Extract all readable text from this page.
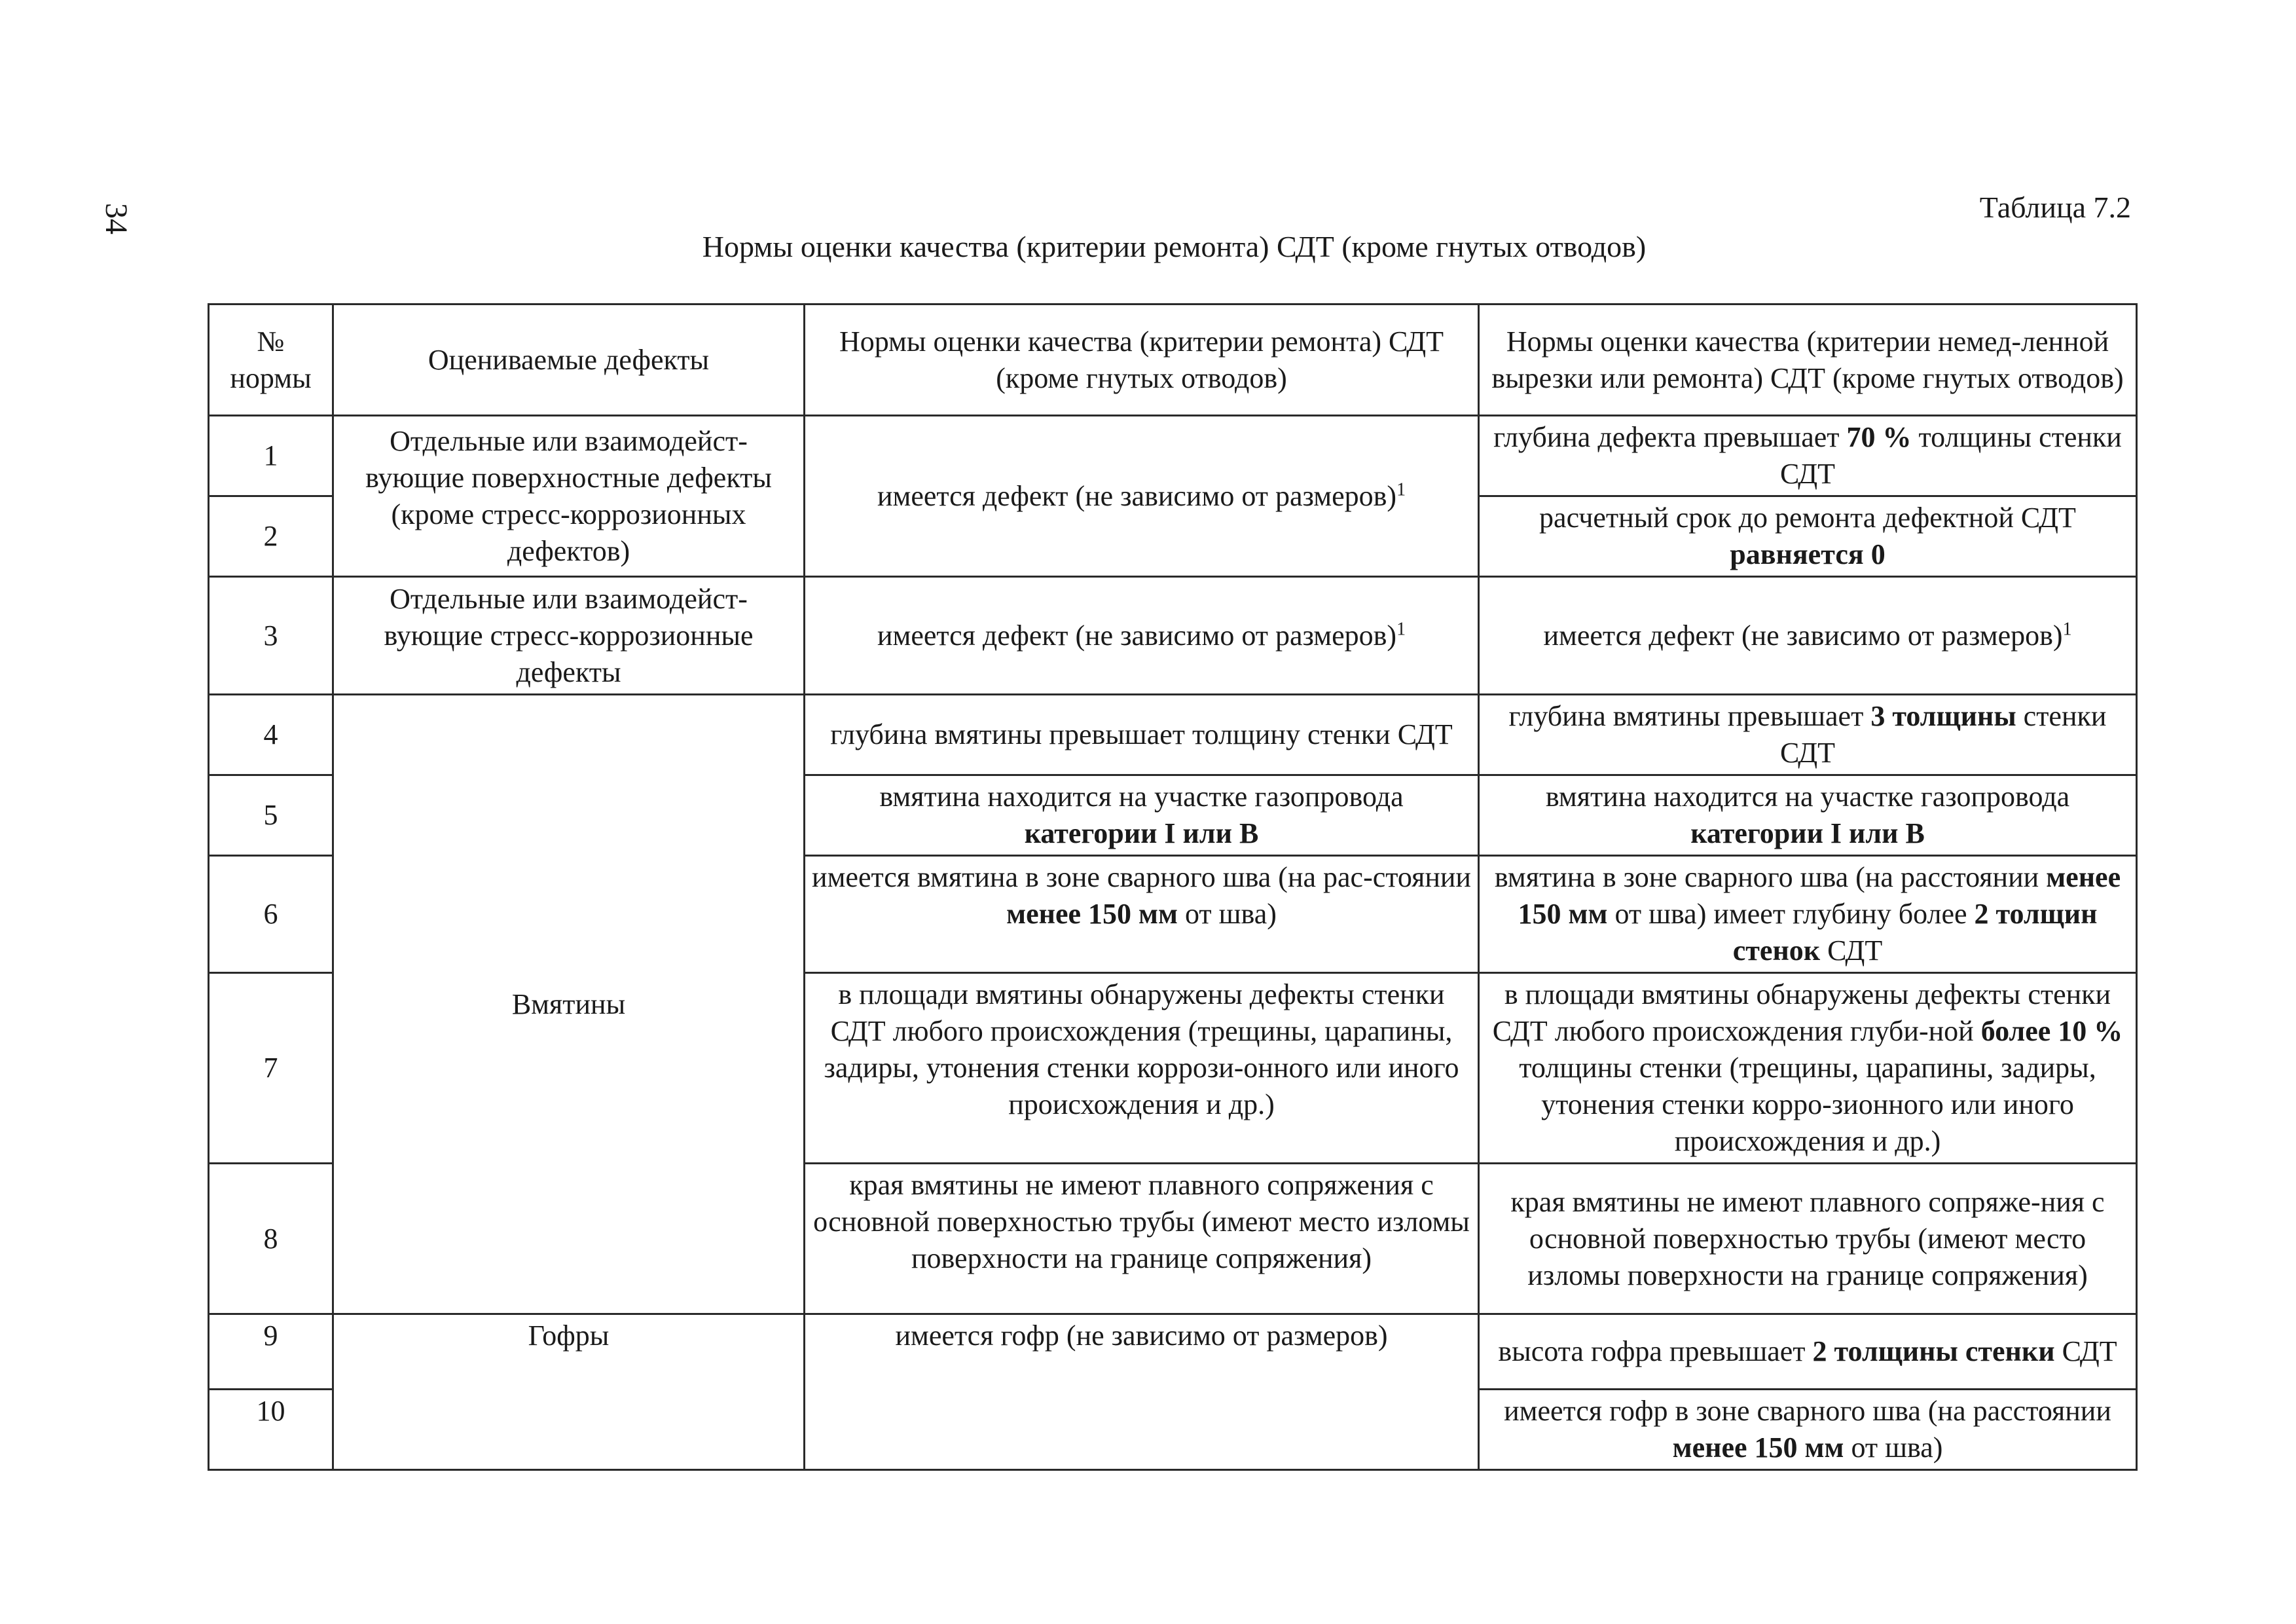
34	Таблица 7.2
Нормы оценки качества (критерии ремонта) СДТ (кроме гнутых отводов)
№ нормы	Оцениваемые дефекты	Нормы оценки качества (критерии ремонта) СДТ (кроме гнутых отводов)	Нормы оценки качества (критерии немед-ленной вырезки или ремонта) СДТ (кроме гнутых отводов)
1	Отдельные или взаимодейст-вующие поверхностные дефекты (кроме стресс-коррозионных дефектов)	имеется дефект (не зависимо от размеров)$^1$	глубина дефекта превышает 70 % толщины стенки СДТ
2			расчетный срок до ремонта дефектной СДТ равняется 0
3	Отдельные или взаимодейст-вующие стресс-коррозионные дефекты	имеется дефект (не зависимо от размеров)$^1$	имеется дефект (не зависимо от размеров)$^1$
4	Вмятины	глубина вмятины превышает толщину стенки СДТ	глубина вмятины превышает 3 толщины стенки СДТ
5		вмятина находится на участке газопровода категории I или В	вмятина находится на участке газопровода категории I или В
6		имеется вмятина в зоне сварного шва (на рас-стоянии менее 150 мм от шва)	вмятина в зоне сварного шва (на расстоянии менее 150 мм от шва) имеет глубину более 2 толщин стенок СДТ
7		в площади вмятины обнаружены дефекты стенки СДТ любого происхождения (трещины, царапины, задиры, утонения стенки коррози-онного или иного происхождения и др.)	в площади вмятины обнаружены дефекты стенки СДТ любого происхождения глуби-ной более 10 % толщины стенки (трещины, царапины, задиры, утонения стенки корро-зионного или иного происхождения и др.)
8		края вмятины не имеют плавного сопряжения с основной поверхностью трубы (имеют место изломы поверхности на границе сопряжения)	края вмятины не имеют плавного сопряже-ния с основной поверхностью трубы (имеют место изломы поверхности на границе сопряжения)
9	Гофры	имеется гофр (не зависимо от размеров)	высота гофра превышает 2 толщины стенки СДТ
10			имеется гофр в зоне сварного шва (на расстоянии менее 150 мм от шва)
